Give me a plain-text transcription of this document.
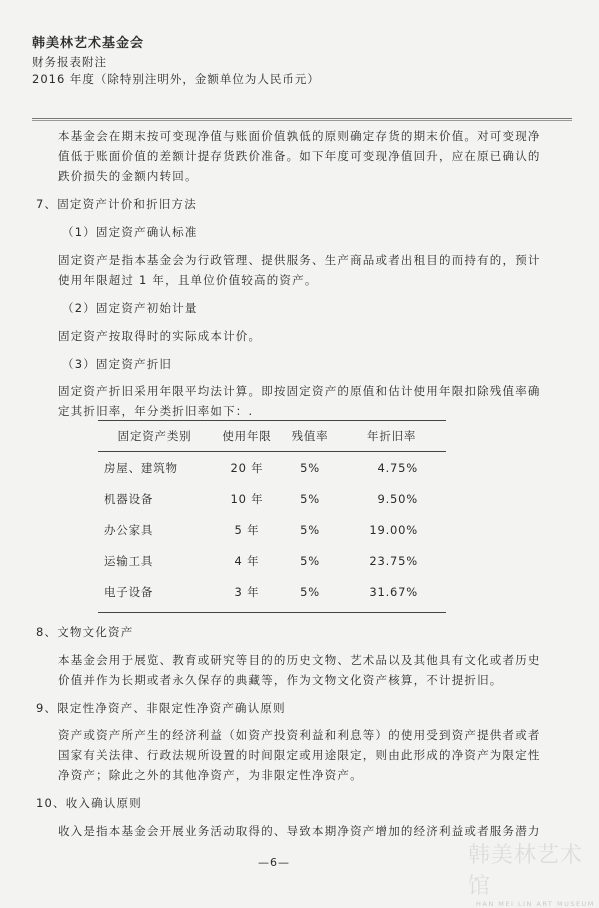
韩美林艺术基金会
财务报表附注
2016 年度（除特别注明外，金额单位为人民币元）
本基金会在期末按可变现净值与账面价值孰低的原则确定存货的期末价值。对可变现净
值低于账面价值的差额计提存货跌价准备。如下年度可变现净值回升，应在原已确认的
跌价损失的金额内转回。
7、固定资产计价和折旧方法
（1）固定资产确认标准
固定资产是指本基金会为行政管理、提供服务、生产商品或者出租目的而持有的，预计
使用年限超过 1 年，且单位价值较高的资产。
（2）固定资产初始计量
固定资产按取得时的实际成本计价。
（3）固定资产折旧
固定资产折旧采用年限平均法计算。即按固定资产的原值和估计使用年限扣除残值率确
定其折旧率，年分类折旧率如下：.
固定资产类别	使用年限	残值率	年折旧率
房屋、建筑物	20 年	5%	4.75%
机器设备	10 年	5%	9.50%
办公家具	5 年	5%	19.00%
运输工具	4 年	5%	23.75%
电子设备	3 年	5%	31.67%
8、文物文化资产
本基金会用于展览、教育或研究等目的的历史文物、艺术品以及其他具有文化或者历史
价值并作为长期或者永久保存的典藏等，作为文物文化资产核算，不计提折旧。
9、限定性净资产、非限定性净资产确认原则
资产或资产所产生的经济利益（如资产投资利益和利息等）的使用受到资产提供者或者
国家有关法律、行政法规所设置的时间限定或用途限定，则由此形成的净资产为限定性
净资产；除此之外的其他净资产，为非限定性净资产。
10、收入确认原则
收入是指本基金会开展业务活动取得的、导致本期净资产增加的经济利益或者服务潜力
—6—	韩美林艺术馆
HAN MEI LIN ART MUSEUM
